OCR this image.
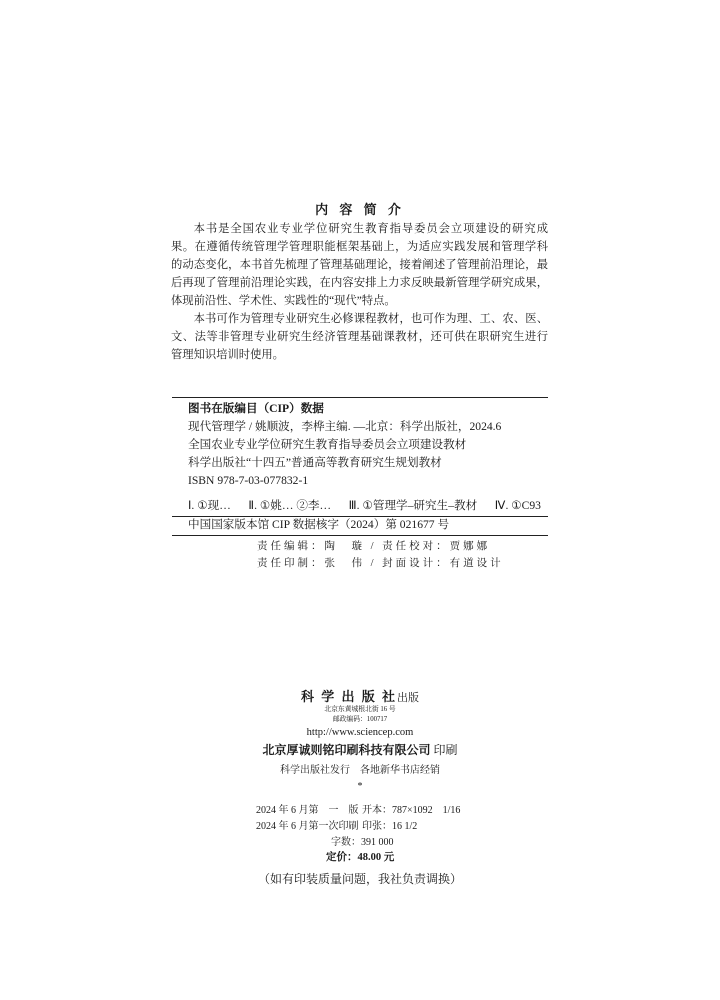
内 容 简 介
本书是全国农业专业学位研究生教育指导委员会立项建设的研究成
果。在遵循传统管理学管理职能框架基础上，为适应实践发展和管理学科
的动态变化，本书首先梳理了管理基础理论，接着阐述了管理前沿理论，最
后再现了管理前沿理论实践，在内容安排上力求反映最新管理学研究成果，
体现前沿性、学术性、实践性的“现代”特点。
本书可作为管理专业研究生必修课程教材，也可作为理、工、农、医、
文、法等非管理专业研究生经济管理基础课教材，还可供在职研究生进行
管理知识培训时使用。
图书在版编目（CIP）数据
现代管理学 / 姚顺波，李桦主编. —北京：科学出版社，2024.6
全国农业专业学位研究生教育指导委员会立项建设教材
科学出版社“十四五”普通高等教育研究生规划教材
ISBN 978-7-03-077832-1
Ⅰ. ①现… Ⅱ. ①姚… ②李… Ⅲ. ①管理学–研究生–教材 Ⅳ. ①C93
中国国家版本馆 CIP 数据核字（2024）第 021677 号
责任编辑：陶　璇 / 责任校对：贾娜娜
责任印制：张　伟 / 封面设计：有道设计
科 学 出 版 社出版
北京东黄城根北街 16 号
邮政编码：100717
http://www.sciencep.com
北京厚诚则铭印刷科技有限公司 印刷
科学出版社发行　各地新华书店经销
*
2024 年 6 月第　一　版 开本：787×1092　1/16
2024 年 6 月第一次印刷 印张：16 1/2
字数：391 000
定价：48.00 元
（如有印装质量问题，我社负责调换）
